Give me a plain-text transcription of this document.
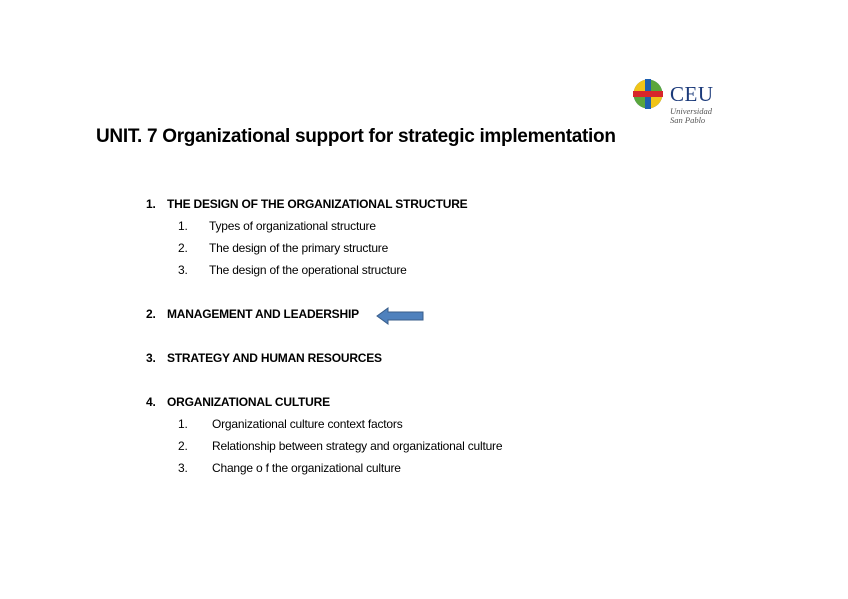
CEU
Universidad
San Pablo
UNIT. 7 Organizational support for strategic implementation
1. THE DESIGN OF THE ORGANIZATIONAL STRUCTURE
1. Types of organizational structure
2. The design of the primary structure
3. The design of the operational structure
2. MANAGEMENT AND LEADERSHIP
3. STRATEGY AND HUMAN RESOURCES
4. ORGANIZATIONAL CULTURE
1. Organizational culture context factors
2. Relationship between strategy and organizational culture
3. Change o f the organizational culture
